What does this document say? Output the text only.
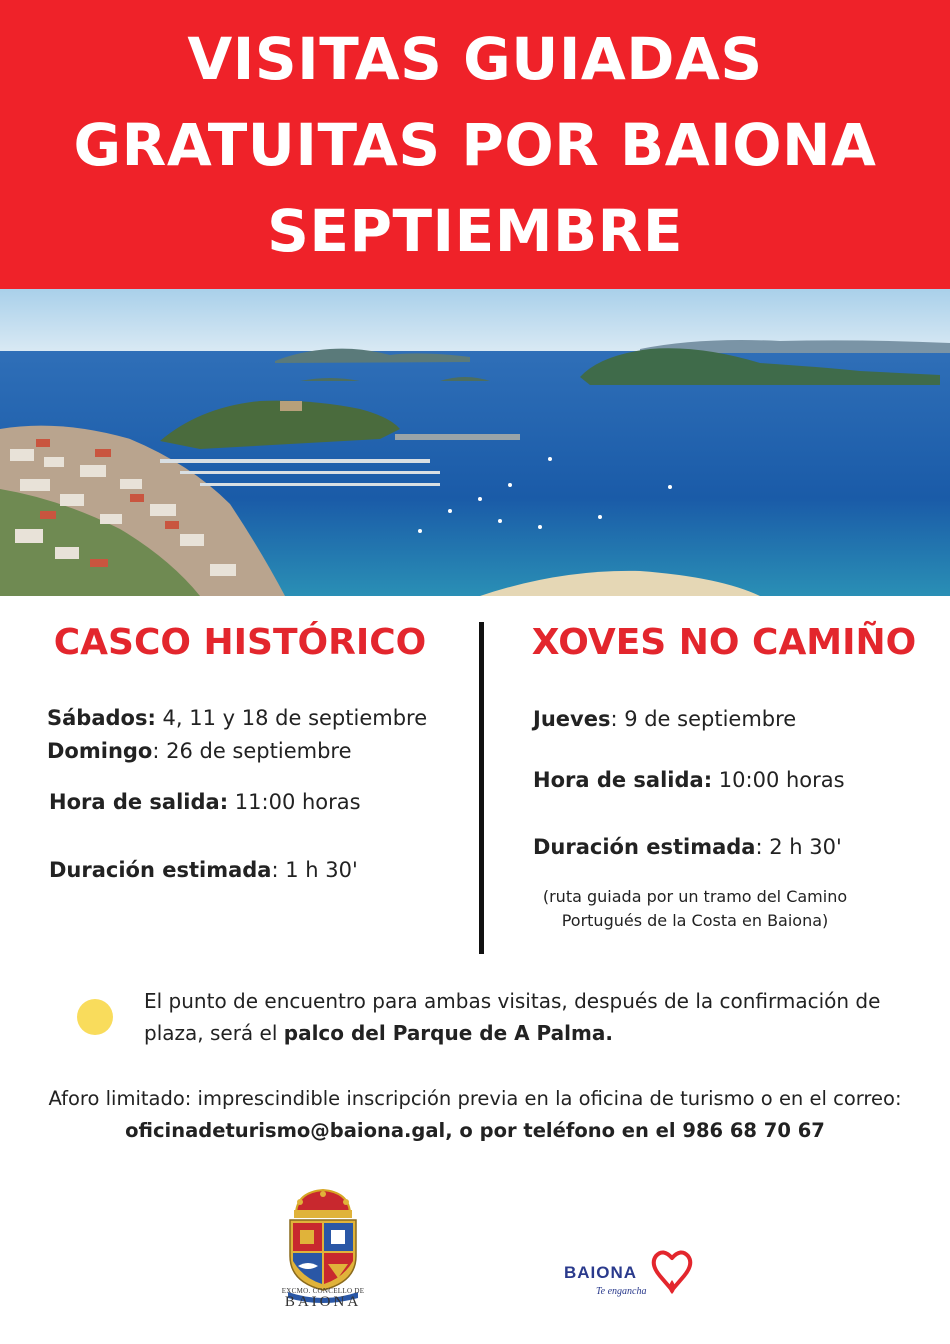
VISITAS GUIADAS
GRATUITAS POR BAIONA
SEPTIEMBRE
CASCO HISTÓRICO	XOVES NO CAMIÑO
Sábados: 4, 11 y 18 de septiembre
Domingo: 26 de septiembre
Hora de salida: 11:00 horas
Duración estimada: 1 h 30'
Jueves: 9 de septiembre
Hora de salida: 10:00 horas
Duración estimada: 2 h 30'
(ruta guiada por un tramo del Camino Portugués de la Costa en Baiona)
El punto de encuentro para ambas visitas, después de la confirmación de plaza, será el palco del Parque de A Palma.
Aforo limitado: imprescindible inscripción previa en la oficina de turismo o en el correo: oficinadeturismo@baiona.gal, o por teléfono en el 986 68 70 67
EXCMO. CONCELLO DE
BAIONA
BAIONA
Te engancha
